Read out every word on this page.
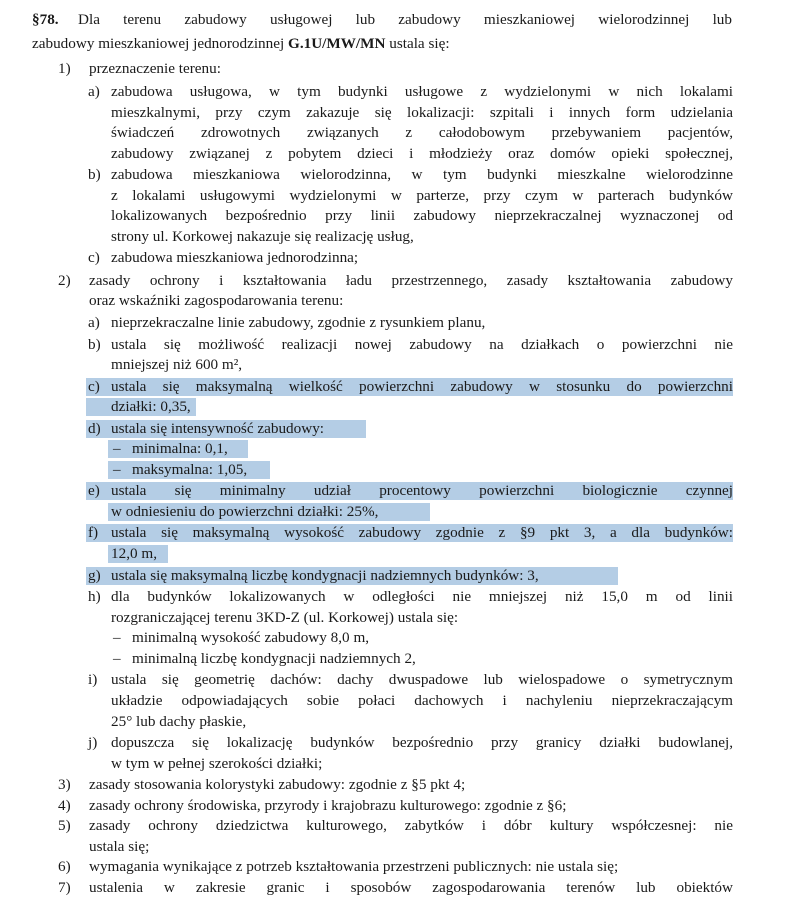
§78. Dla terenu zabudowy usługowej lub zabudowy mieszkaniowej wielorodzinnej lub
zabudowy mieszkaniowej jednorodzinnej G.1U/MW/MN ustala się:
1) przeznaczenie terenu:
a) zabudowa usługowa, w tym budynki usługowe z wydzielonymi w nich lokalami
mieszkalnymi, przy czym zakazuje się lokalizacji: szpitali i innych form udzielania
świadczeń zdrowotnych związanych z całodobowym przebywaniem pacjentów,
zabudowy związanej z pobytem dzieci i młodzieży oraz domów opieki społecznej,
b) zabudowa mieszkaniowa wielorodzinna, w tym budynki mieszkalne wielorodzinne
z lokalami usługowymi wydzielonymi w parterze, przy czym w parterach budynków
lokalizowanych bezpośrednio przy linii zabudowy nieprzekraczalnej wyznaczonej od
strony ul. Korkowej nakazuje się realizację usług,
c) zabudowa mieszkaniowa jednorodzinna;
2) zasady ochrony i kształtowania ładu przestrzennego, zasady kształtowania zabudowy
oraz wskaźniki zagospodarowania terenu:
a) nieprzekraczalne linie zabudowy, zgodnie z rysunkiem planu,
b) ustala się możliwość realizacji nowej zabudowy na działkach o powierzchni nie
mniejszej niż 600 m²,
c) ustala się maksymalną wielkość powierzchni zabudowy w stosunku do powierzchni
działki: 0,35,
d) ustala się intensywność zabudowy:
– minimalna: 0,1,
– maksymalna: 1,05,
e) ustala się minimalny udział procentowy powierzchni biologicznie czynnej
w odniesieniu do powierzchni działki: 25%,
f) ustala się maksymalną wysokość zabudowy zgodnie z §9 pkt 3, a dla budynków:
12,0 m,
g) ustala się maksymalną liczbę kondygnacji nadziemnych budynków: 3,
h) dla budynków lokalizowanych w odległości nie mniejszej niż 15,0 m od linii
rozgraniczającej terenu 3KD-Z (ul. Korkowej) ustala się:
– minimalną wysokość zabudowy 8,0 m,
– minimalną liczbę kondygnacji nadziemnych 2,
i) ustala się geometrię dachów: dachy dwuspadowe lub wielospadowe o symetrycznym
układzie odpowiadających sobie połaci dachowych i nachyleniu nieprzekraczającym
25° lub dachy płaskie,
j) dopuszcza się lokalizację budynków bezpośrednio przy granicy działki budowlanej,
w tym w pełnej szerokości działki;
3) zasady stosowania kolorystyki zabudowy: zgodnie z §5 pkt 4;
4) zasady ochrony środowiska, przyrody i krajobrazu kulturowego: zgodnie z §6;
5) zasady ochrony dziedzictwa kulturowego, zabytków i dóbr kultury współczesnej: nie
ustala się;
6) wymagania wynikające z potrzeb kształtowania przestrzeni publicznych: nie ustala się;
7) ustalenia w zakresie granic i sposobów zagospodarowania terenów lub obiektów
